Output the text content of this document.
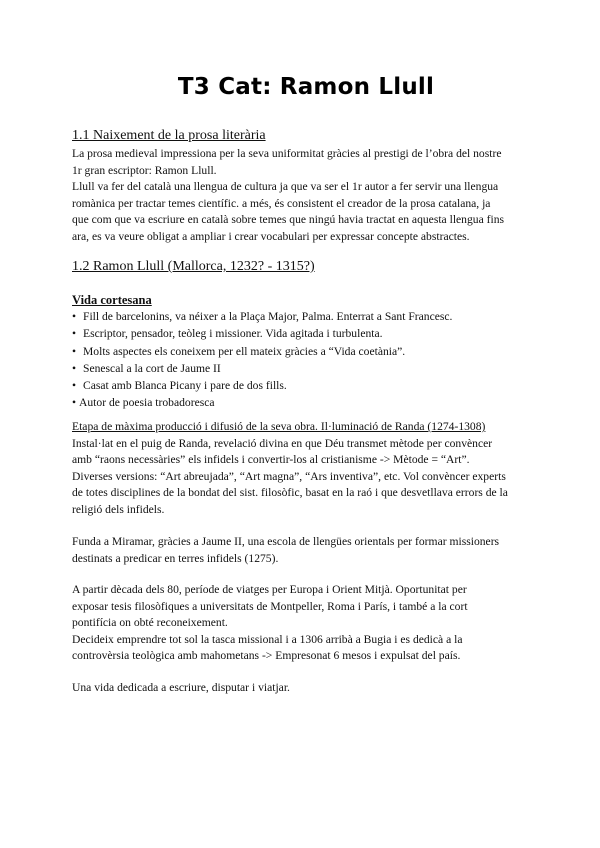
T3 Cat: Ramon Llull
1.1 Naixement de la prosa literària
La prosa medieval impressiona per la seva uniformitat gràcies al prestigi de l’obra del nostre
1r gran escriptor: Ramon Llull.
Llull va fer del català una llengua de cultura ja que va ser el 1r autor a fer servir una llengua
romànica per tractar temes científic. a més, és consistent el creador de la prosa catalana, ja
que com que va escriure en català sobre temes que ningú havia tractat en aquesta llengua fins
ara, es va veure obligat a ampliar i crear vocabulari per expressar concepte abstractes.
1.2 Ramon Llull (Mallorca, 1232? - 1315?)
Vida cortesana
• Fill de barcelonins, va néixer a la Plaça Major, Palma. Enterrat a Sant Francesc.
• Escriptor, pensador, teòleg i missioner. Vida agitada i turbulenta.
• Molts aspectes els coneixem per ell mateix gràcies a “Vida coetània”.
• Senescal a la cort de Jaume II
• Casat amb Blanca Picany i pare de dos fills.
• Autor de poesia trobadoresca
Etapa de màxima producció i difusió de la seva obra. Il·luminació de Randa (1274-1308)
Instal·lat en el puig de Randa, revelació divina en que Déu transmet mètode per convèncer
amb “raons necessàries” els infidels i convertir-los al cristianisme -> Mètode = “Art”.
Diverses versions: “Art abreujada”, “Art magna”, “Ars inventiva”, etc. Vol convèncer experts
de totes disciplines de la bondat del sist. filosòfic, basat en la raó i que desvetllava errors de la
religió dels infidels.
Funda a Miramar, gràcies a Jaume II, una escola de llengües orientals per formar missioners
destinats a predicar en terres infidels (1275).
A partir dècada dels 80, període de viatges per Europa i Orient Mitjà. Oportunitat per
exposar tesis filosòfiques a universitats de Montpeller, Roma i París, i també a la cort
pontifícia on obté reconeixement.
Decideix emprendre tot sol la tasca missional i a 1306 arribà a Bugia i es dedicà a la
controvèrsia teològica amb mahometans -> Empresonat 6 mesos i expulsat del país.
Una vida dedicada a escriure, disputar i viatjar.
